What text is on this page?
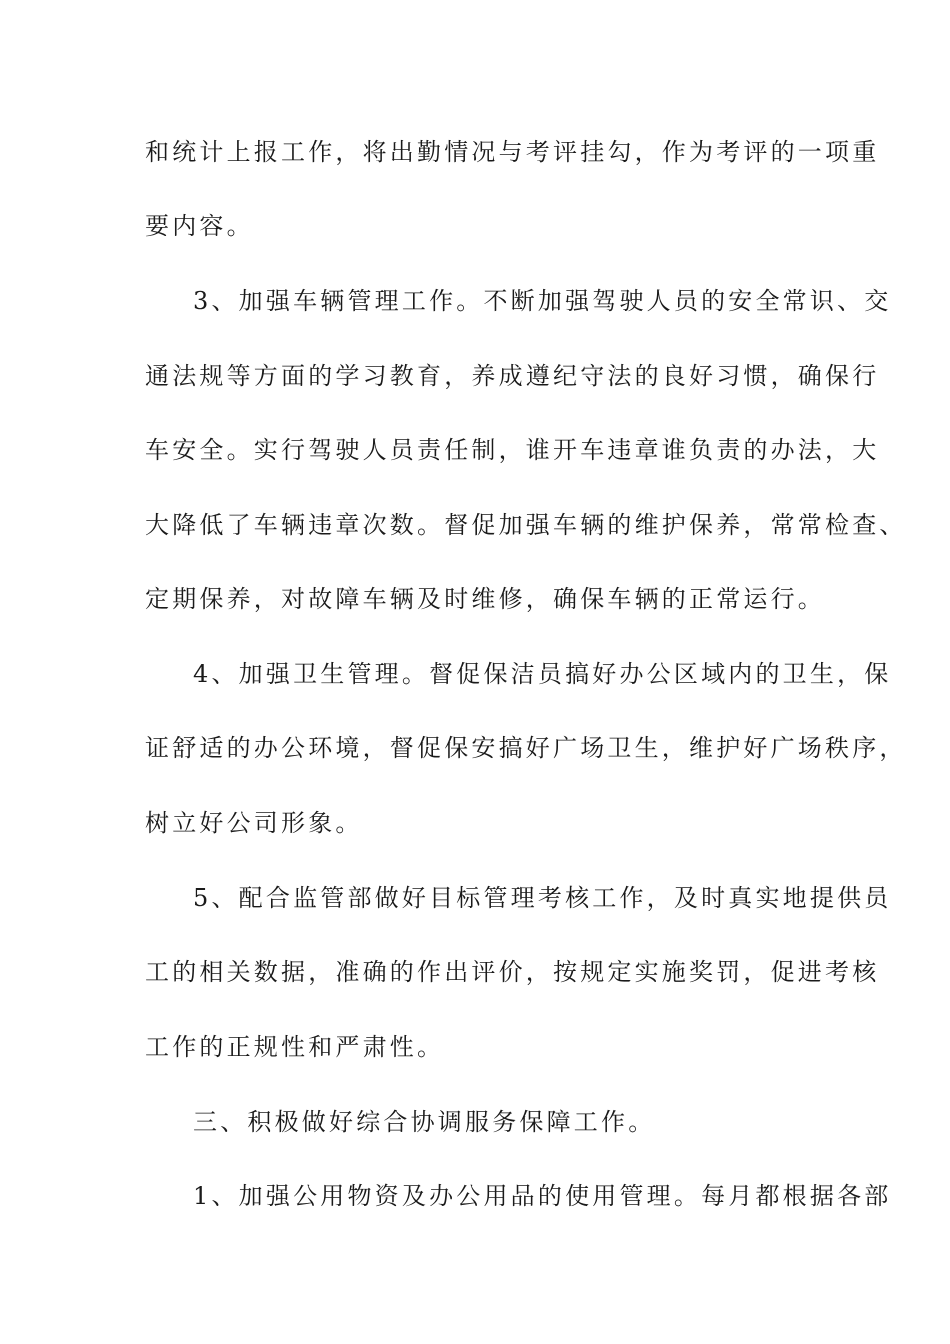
和统计上报工作，将出勤情况与考评挂勾，作为考评的一项重
要内容。
3、加强车辆管理工作。不断加强驾驶人员的安全常识、交
通法规等方面的学习教育，养成遵纪守法的良好习惯，确保行
车安全。实行驾驶人员责任制，谁开车违章谁负责的办法，大
大降低了车辆违章次数。督促加强车辆的维护保养，常常检查、
定期保养，对故障车辆及时维修，确保车辆的正常运行。
4、加强卫生管理。督促保洁员搞好办公区域内的卫生，保
证舒适的办公环境，督促保安搞好广场卫生，维护好广场秩序，
树立好公司形象。
5、配合监管部做好目标管理考核工作，及时真实地提供员
工的相关数据，准确的作出评价，按规定实施奖罚，促进考核
工作的正规性和严肃性。
三、积极做好综合协调服务保障工作。
1、加强公用物资及办公用品的使用管理。每月都根据各部
